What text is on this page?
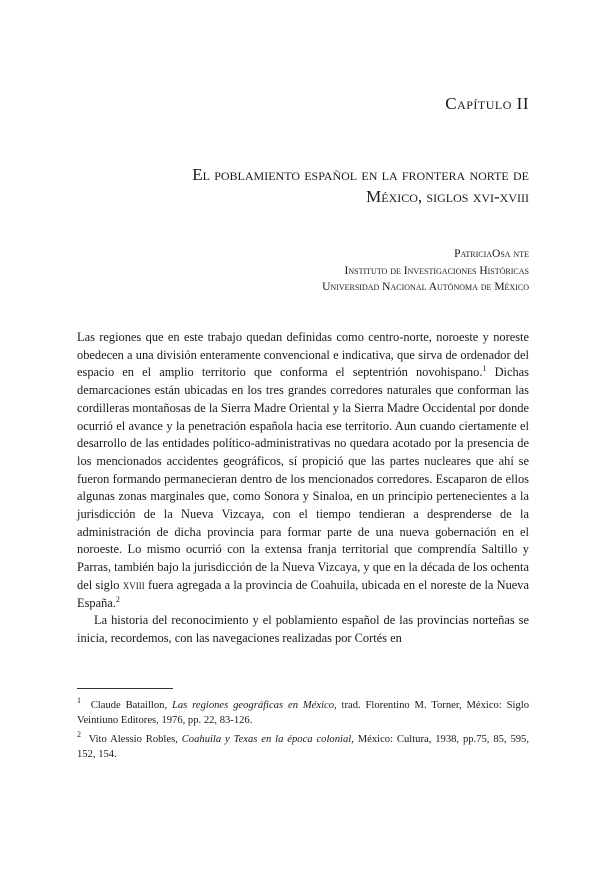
Capítulo II
El poblamiento español en la frontera norte de
México, siglos xvi-xviii
PatriciaOsa nte
Instituto de Investigaciones Históricas
Universidad Nacional Autónoma de México

Las regiones que en este trabajo quedan definidas como centro-norte, noroeste y noreste obedecen a una división enteramente convencional e indicativa, que sirva de ordenador del espacio en el amplio territorio que conforma el septentrión novohispano.$^1$ Dichas demarcaciones están ubicadas en los tres grandes corredores naturales que conforman las cordilleras montañosas de la Sierra Madre Oriental y la Sierra Madre Occidental por donde ocurrió el avance y la penetración española hacia ese territorio. Aun cuando ciertamente el desarrollo de las entidades político-administrativas no quedara acotado por la presencia de los mencionados accidentes geográficos, sí propició que las partes nucleares que ahí se fueron formando permanecieran dentro de los mencionados corredores. Escaparon de ellos algunas zonas marginales que, como Sonora y Sinaloa, en un principio pertenecientes a la jurisdicción de la Nueva Vizcaya, con el tiempo tendieran a desprenderse de la administración de dicha provincia para formar parte de una nueva gobernación en el noroeste. Lo mismo ocurrió con la extensa franja territorial que comprendía Saltillo y Parras, también bajo la jurisdicción de la Nueva Vizcaya, y que en la década de los ochenta del siglo xviii fuera agregada a la provincia de Coahuila, ubicada en el noreste de la Nueva España.$^2$

La historia del reconocimiento y el poblamiento español de las provincias norteñas se inicia, recordemos, con las navegaciones realizadas por Cortés en

$^1$ Claude Bataillon, Las regiones geográficas en México, trad. Florentino M. Torner, México: Siglo Veintiuno Editores, 1976, pp. 22, 83-126.

$^2$ Vito Alessio Robles, Coahuila y Texas en la época colonial, México: Cultura, 1938, pp.75, 85, 595, 152, 154.
